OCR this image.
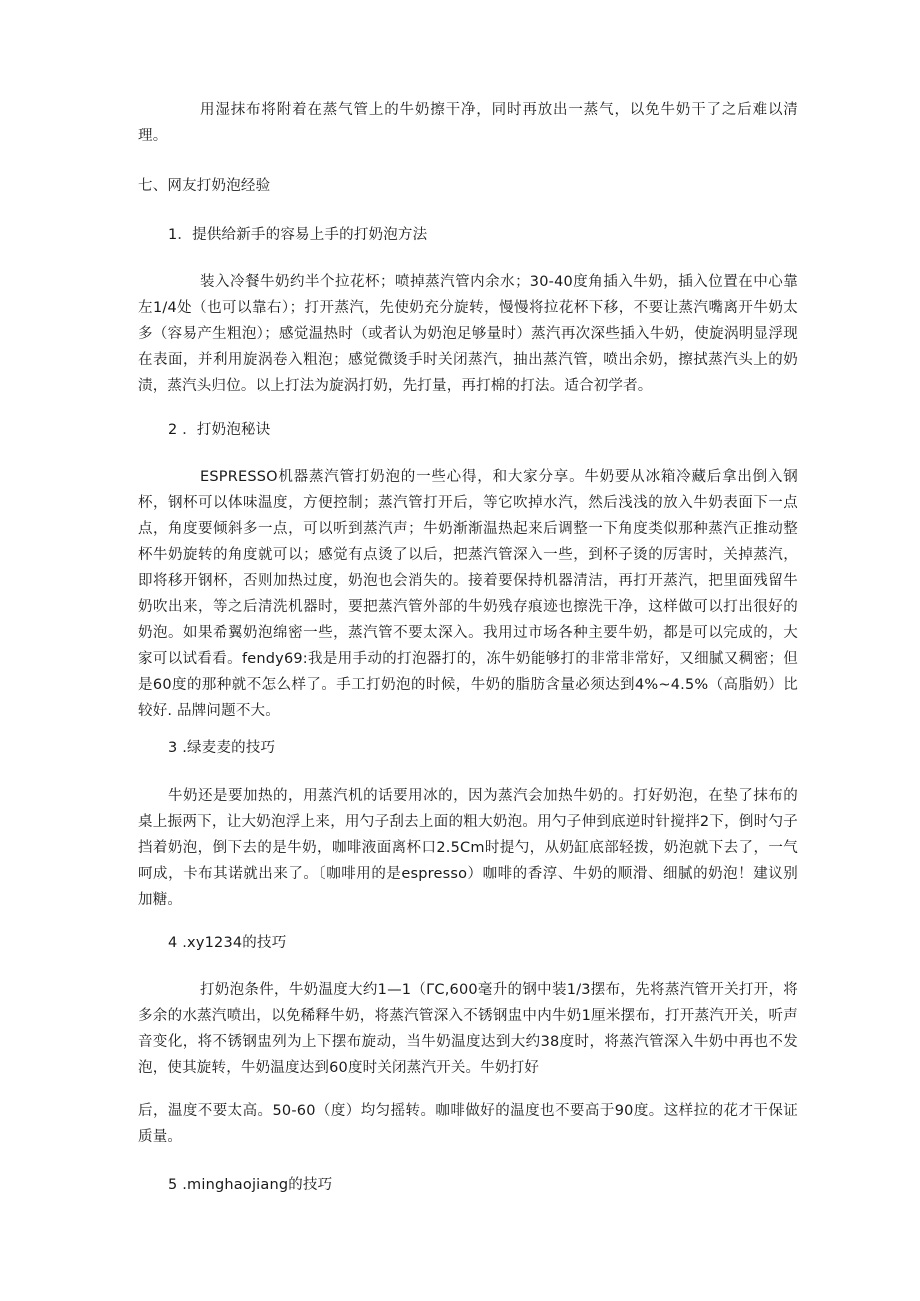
用湿抹布将附着在蒸气管上的牛奶擦干净，同时再放出一蒸气，以免牛奶干了之后难以清理。

七、网友打奶泡经验

1．提供给新手的容易上手的打奶泡方法

装入冷餐牛奶约半个拉花杯；喷掉蒸汽管内余水；30-40度角插入牛奶，插入位置在中心靠左1/4处（也可以靠右）；打开蒸汽，先使奶充分旋转，慢慢将拉花杯下移，不要让蒸汽嘴离开牛奶太多（容易产生粗泡）；感觉温热时（或者认为奶泡足够量时）蒸汽再次深些插入牛奶，使旋涡明显浮现在表面，并利用旋涡卷入粗泡；感觉微烫手时关闭蒸汽，抽出蒸汽管，喷出余奶，擦拭蒸汽头上的奶渍，蒸汽头归位。以上打法为旋涡打奶，先打量，再打棉的打法。适合初学者。

2 ．打奶泡秘诀

ESPRESSO机器蒸汽管打奶泡的一些心得，和大家分享。牛奶要从冰箱冷藏后拿出倒入钢杯，钢杯可以体味温度，方便控制；蒸汽管打开后，等它吹掉水汽，然后浅浅的放入牛奶表面下一点点，角度要倾斜多一点，可以听到蒸汽声；牛奶渐渐温热起来后调整一下角度类似那种蒸汽正推动整杯牛奶旋转的角度就可以；感觉有点烫了以后，把蒸汽管深入一些，到杯子烫的厉害时，关掉蒸汽，即将移开钢杯，否则加热过度，奶泡也会消失的。接着要保持机器清洁，再打开蒸汽，把里面残留牛奶吹出来，等之后清洗机器时，要把蒸汽管外部的牛奶残存痕迹也擦洗干净，这样做可以打出很好的奶泡。如果希翼奶泡绵密一些，蒸汽管不要太深入。我用过市场各种主要牛奶，都是可以完成的，大家可以试看看。fendy69:我是用手动的打泡器打的，冻牛奶能够打的非常非常好，又细腻又稠密；但是60度的那种就不怎么样了。手工打奶泡的时候，牛奶的脂肪含量必须达到4%~4.5%（高脂奶）比较好. 品牌问题不大。

3 .绿麦麦的技巧

牛奶还是要加热的，用蒸汽机的话要用冰的，因为蒸汽会加热牛奶的。打好奶泡，在垫了抹布的桌上振两下，让大奶泡浮上来，用勺子刮去上面的粗大奶泡。用勺子伸到底逆时针搅拌2下，倒时勺子挡着奶泡，倒下去的是牛奶，咖啡液面离杯口2.5Cm时提勺，从奶缸底部轻拨，奶泡就下去了，一气呵成，卡布其诺就出来了。〔咖啡用的是espresso）咖啡的香淳、牛奶的顺滑、细腻的奶泡！建议别加糖。

4 .xy1234的技巧

打奶泡条件，牛奶温度大约1—1（ΓC,600毫升的钢中装1/3摆布，先将蒸汽管开关打开，将多余的水蒸汽喷出，以免稀释牛奶，将蒸汽管深入不锈钢盅中内牛奶1厘米摆布，打开蒸汽开关，听声音变化，将不锈钢盅列为上下摆布旋动，当牛奶温度达到大约38度时，将蒸汽管深入牛奶中再也不发泡，使其旋转，牛奶温度达到60度时关闭蒸汽开关。牛奶打好

后，温度不要太高。50-60（度）均匀摇转。咖啡做好的温度也不要高于90度。这样拉的花才干保证质量。

5 .minghaojiang的技巧
